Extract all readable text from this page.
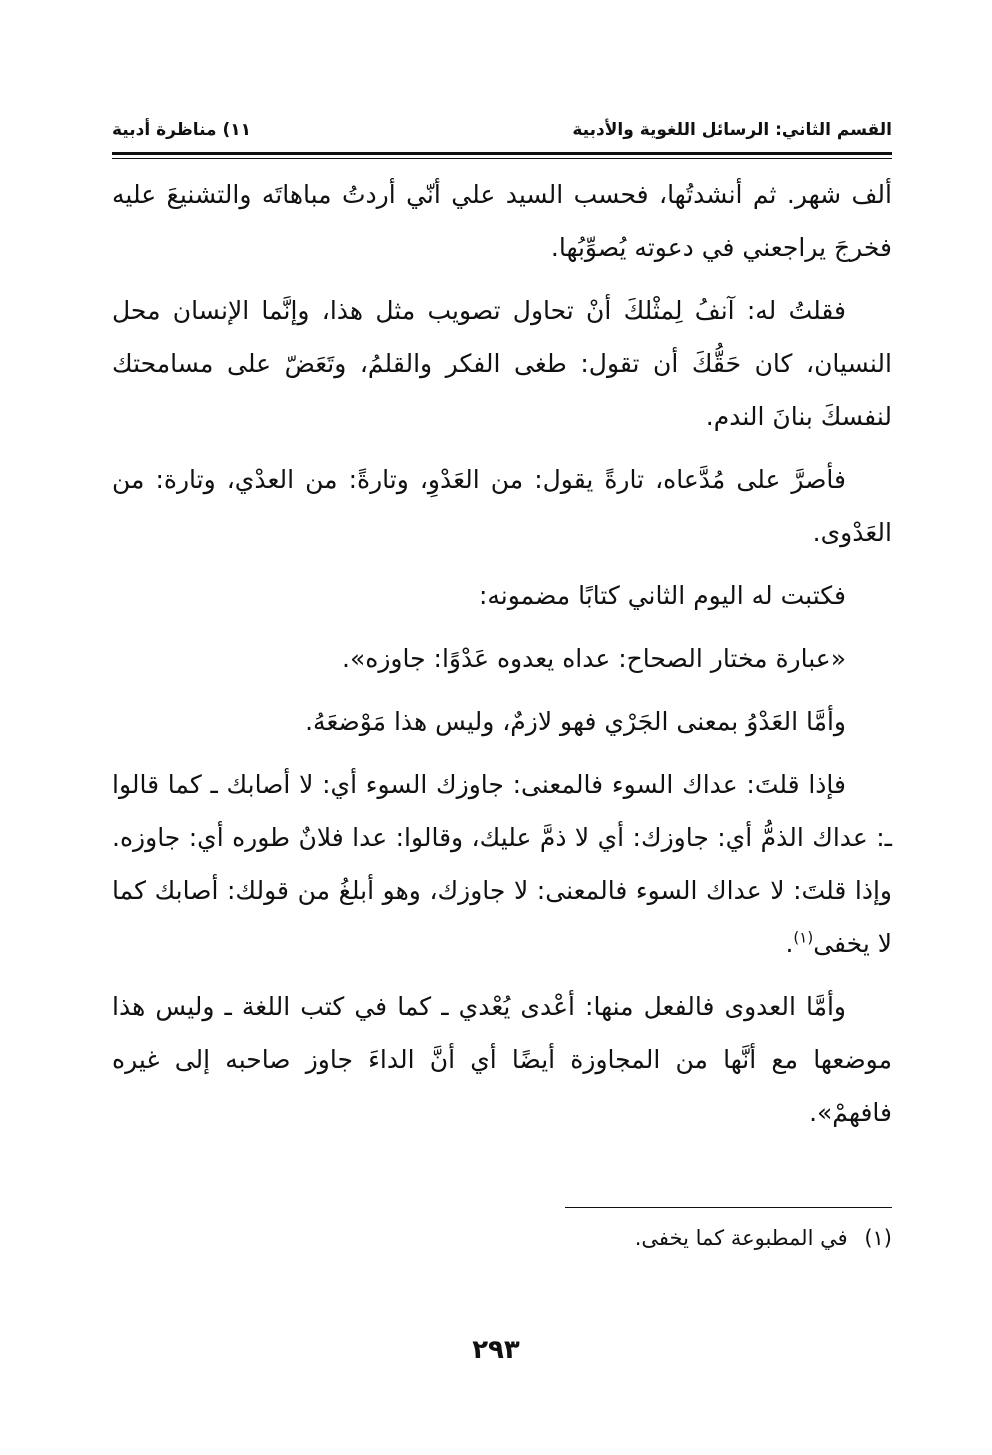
القسم الثاني: الرسائل اللغوية والأدبية
١١) مناظرة أدبية

ألف شهر. ثم أنشدتُها، فحسب السيد علي أنّي أردتُ مباهاتَه والتشنيعَ عليه فخرجَ يراجعني في دعوته يُصوِّبُها.

فقلتُ له: آنفُ لِمثْلكَ أنْ تحاول تصويب مثل هذا، وإنَّما الإنسان محل النسيان، كان حَقُّكَ أن تقول: طغى الفكر والقلمُ، وتَعَضّ على مسامحتك لنفسكَ بنانَ الندم.

فأصرَّ على مُدَّعاه، تارةً يقول: من العَدْوِ، وتارةً: من العدْي، وتارة: من العَدْوى.

فكتبت له اليوم الثاني كتابًا مضمونه:

«عبارة مختار الصحاح: عداه يعدوه عَدْوًا: جاوزه».

وأمَّا العَدْوُ بمعنى الجَرْي فهو لازمٌ، وليس هذا مَوْضعَهُ.

فإذا قلتَ: عداك السوء فالمعنى: جاوزك السوء أي: لا أصابك ـ كما قالوا ـ: عداك الذمُّ أي: جاوزك: أي لا ذمَّ عليك، وقالوا: عدا فلانٌ طوره أي: جاوزه. وإذا قلتَ: لا عداك السوء فالمعنى: لا جاوزك، وهو أبلغُ من قولك: أصابك كما لا يخفى$^{(١)}$.

وأمَّا العدوى فالفعل منها: أعْدى يُعْدي ـ كما في كتب اللغة ـ وليس هذا موضعها مع أنَّها من المجاوزة أيضًا أي أنَّ الداءَ جاوز صاحبه إلى غيره فافهمْ».

(١) في المطبوعة كما يخفى.
٢٩٣
